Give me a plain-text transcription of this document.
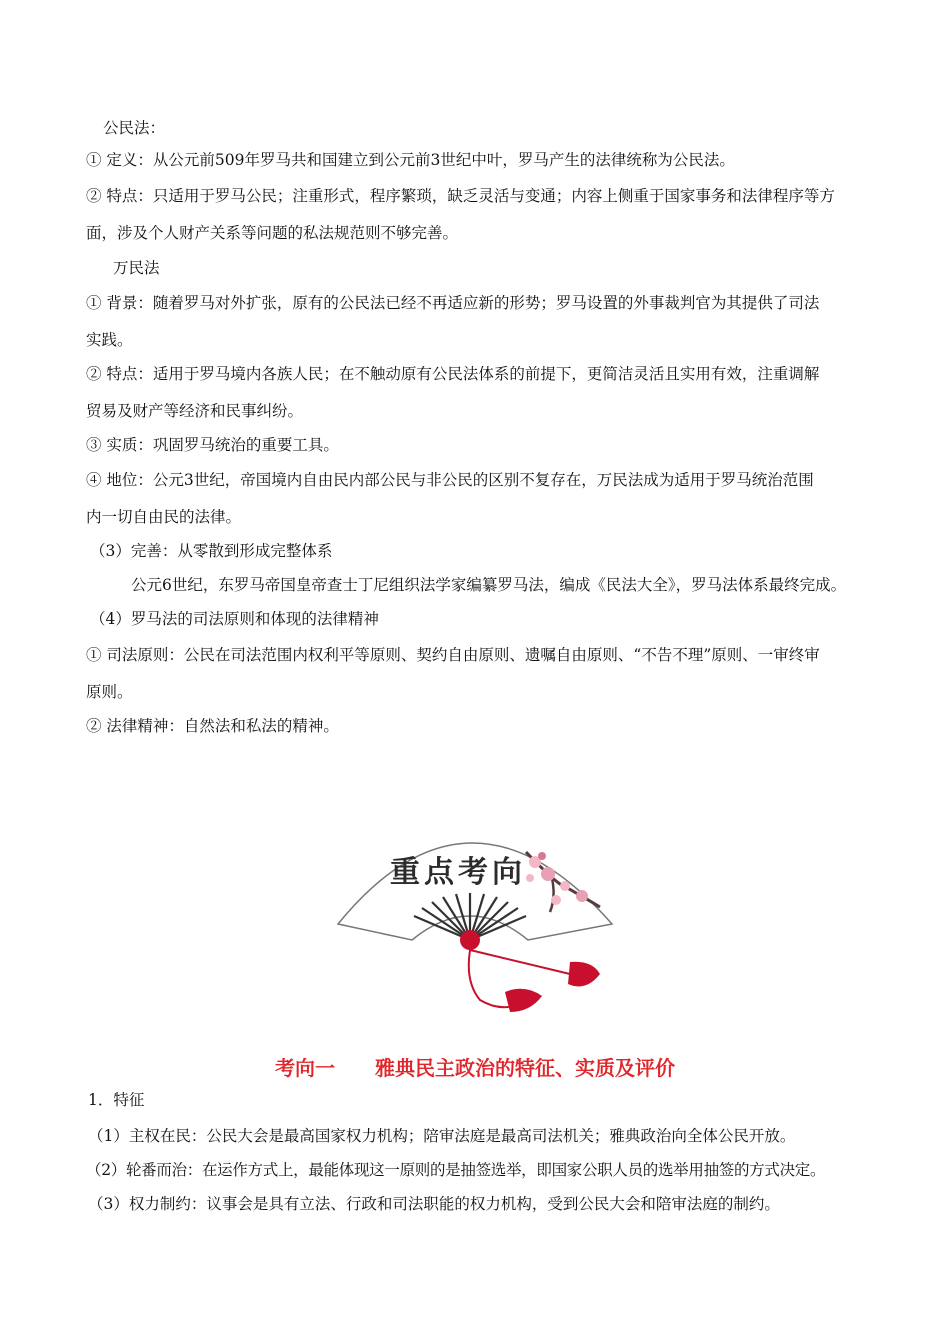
公民法：
① 定义：从公元前509年罗马共和国建立到公元前3世纪中叶，罗马产生的法律统称为公民法。
② 特点：只适用于罗马公民；注重形式，程序繁琐，缺乏灵活与变通；内容上侧重于国家事务和法律程序等方
面，涉及个人财产关系等问题的私法规范则不够完善。
万民法
① 背景：随着罗马对外扩张，原有的公民法已经不再适应新的形势；罗马设置的外事裁判官为其提供了司法
实践。
② 特点：适用于罗马境内各族人民；在不触动原有公民法体系的前提下，更简洁灵活且实用有效，注重调解
贸易及财产等经济和民事纠纷。
③ 实质：巩固罗马统治的重要工具。
④ 地位：公元3世纪，帝国境内自由民内部公民与非公民的区别不复存在，万民法成为适用于罗马统治范围
内一切自由民的法律。
（3）完善：从零散到形成完整体系
公元6世纪，东罗马帝国皇帝查士丁尼组织法学家编纂罗马法，编成《民法大全》，罗马法体系最终完成。
（4）罗马法的司法原则和体现的法律精神
① 司法原则：公民在司法范围内权利平等原则、契约自由原则、遗嘱自由原则、“不告不理”原则、一审终审
原则。
② 法律精神：自然法和私法的精神。
重点考向
考向一 雅典民主政治的特征、实质及评价
1．特征
（1）主权在民：公民大会是最高国家权力机构；陪审法庭是最高司法机关；雅典政治向全体公民开放。
（2）轮番而治：在运作方式上，最能体现这一原则的是抽签选举，即国家公职人员的选举用抽签的方式决定。
（3）权力制约：议事会是具有立法、行政和司法职能的权力机构，受到公民大会和陪审法庭的制约。
